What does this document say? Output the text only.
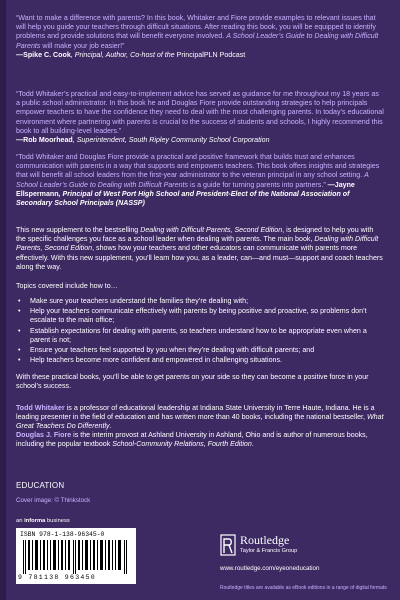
“Want to make a difference with parents? In this book, Whitaker and Fiore provide examples to relevant issues that will help you guide your teachers through difficult situations. After reading this book, you will be equipped to identify problems and provide solutions that will benefit everyone involved. A School Leader’s Guide to Dealing with Difficult Parents will make your job easier!”

—Spike C. Cook, Principal, Author, Co-host of the PrincipalPLN Podcast

“Todd Whitaker’s practical and easy-to-implement advice has served as guidance for me throughout my 18 years as a public school administrator. In this book he and Douglas Fiore provide outstanding strategies to help principals empower teachers to have the confidence they need to deal with the most challenging parents. In today’s educational environment where partnering with parents is crucial to the success of students and schools, I highly recommend this book to all building-level leaders.”

—Rob Moorhead, Superintendent, South Ripley Community School Corporation

“Todd Whitaker and Douglas Fiore provide a practical and positive framework that builds trust and enhances communication with parents in a way that supports and empowers teachers. This book offers insights and strategies that will benefit all school leaders from the first-year administrator to the veteran principal in any school setting. A School Leader’s Guide to Dealing with Difficult Parents is a guide for turning parents into partners.” —Jayne Ellspermann, Principal of West Port High School and President-Elect of the National Association of Secondary School Principals (NASSP)

This new supplement to the bestselling Dealing with Difficult Parents, Second Edition, is designed to help you with the specific challenges you face as a school leader when dealing with parents. The main book, Dealing with Difficult Parents, Second Edition, shows how your teachers and other educators can communicate with parents more effectively. With this new supplement, you’ll learn how you, as a leader, can—and must—support and coach teachers along the way.

Topics covered include how to…
• Make sure your teachers understand the families they’re dealing with;
• Help your teachers communicate effectively with parents by being positive and proactive, so problems don’t escalate to the main office;
• Establish expectations for dealing with parents, so teachers understand how to be appropriate even when a parent is not;
• Ensure your teachers feel supported by you when they’re dealing with difficult parents; and
• Help teachers become more confident and empowered in challenging situations.
With these practical books, you’ll be able to get parents on your side so they can become a positive force in your school’s success.
Todd Whitaker is a professor of educational leadership at Indiana State University in Terre Haute, Indiana. He is a leading presenter in the field of education and has written more than 40 books, including the national bestseller, What Great Teachers Do Differently.
Douglas J. Fiore is the interim provost at Ashland University in Ashland, Ohio and is author of numerous books, including the popular textbook School-Community Relations, Fourth Edition.
EDUCATION
Cover image: © Thinkstock
an informa business
ISBN 978-1-138-96345-0
9 781138 963450
Routledge
Taylor & Francis Group
www.routledge.com/eyeoneducation
Routledge titles are available as eBook editions in a range of digital formats
